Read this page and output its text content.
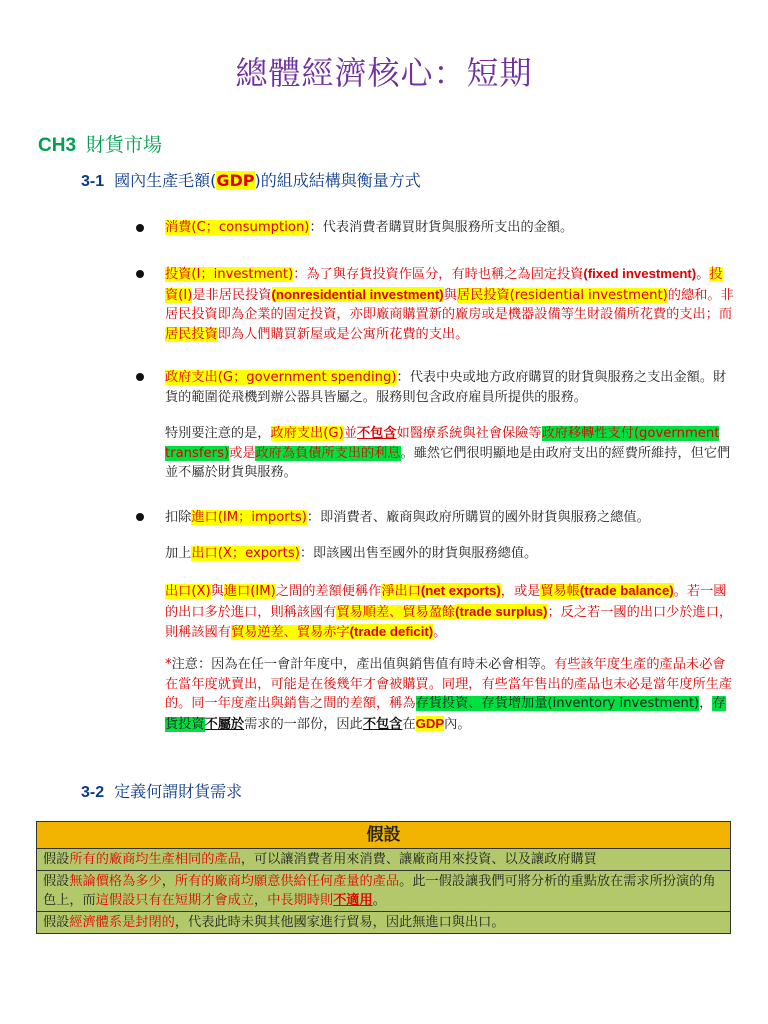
總體經濟核心：短期
CH3 財貨市場
3-1 國內生產毛額(GDP)的組成結構與衡量方式
消費(C；consumption)：代表消費者購買財貨與服務所支出的金額。
投資(I；investment)：為了與存貨投資作區分，有時也稱之為固定投資(fixed investment)。投資(I)是非居民投資(nonresidential investment)與居民投資(residential investment)的總和。非居民投資即為企業的固定投資，亦即廠商購置新的廠房或是機器設備等生財設備所花費的支出；而居民投資即為人們購買新屋或是公寓所花費的支出。
政府支出(G；government spending)：代表中央或地方政府購買的財貨與服務之支出金額。財貨的範圍從飛機到辦公器具皆屬之。服務則包含政府雇員所提供的服務。
特別要注意的是，政府支出(G)並不包含如醫療系統與社會保險等政府移轉性支付(government transfers)或是政府為負債所支出的利息。雖然它們很明顯地是由政府支出的經費所維持，但它們並不屬於財貨與服務。
扣除進口(IM；imports)：即消費者、廠商與政府所購買的國外財貨與服務之總值。
加上出口(X；exports)：即該國出售至國外的財貨與服務總值。
出口(X)與進口(IM)之間的差額便稱作淨出口(net exports)，或是貿易帳(trade balance)。若一國的出口多於進口，則稱該國有貿易順差、貿易盈餘(trade surplus)；反之若一國的出口少於進口，則稱該國有貿易逆差、貿易赤字(trade deficit)。
*注意：因為在任一會計年度中，產出值與銷售值有時未必會相等。有些該年度生產的產品未必會在當年度就賣出，可能是在後幾年才會被購買。同理，有些當年售出的產品也未必是當年度所生產的。同一年度產出與銷售之間的差額，稱為存貨投資、存貨增加量(inventory investment)，存貨投資不屬於需求的一部份，因此不包含在GDP內。
3-2 定義何謂財貨需求
假設
假設所有的廠商均生產相同的產品，可以讓消費者用來消費、讓廠商用來投資、以及讓政府購買
假設無論價格為多少，所有的廠商均願意供給任何產量的產品。此一假設讓我們可將分析的重點放在需求所扮演的角色上，而這假設只有在短期才會成立，中長期時則不適用。
假設經濟體系是封閉的，代表此時未與其他國家進行貿易，因此無進口與出口。
